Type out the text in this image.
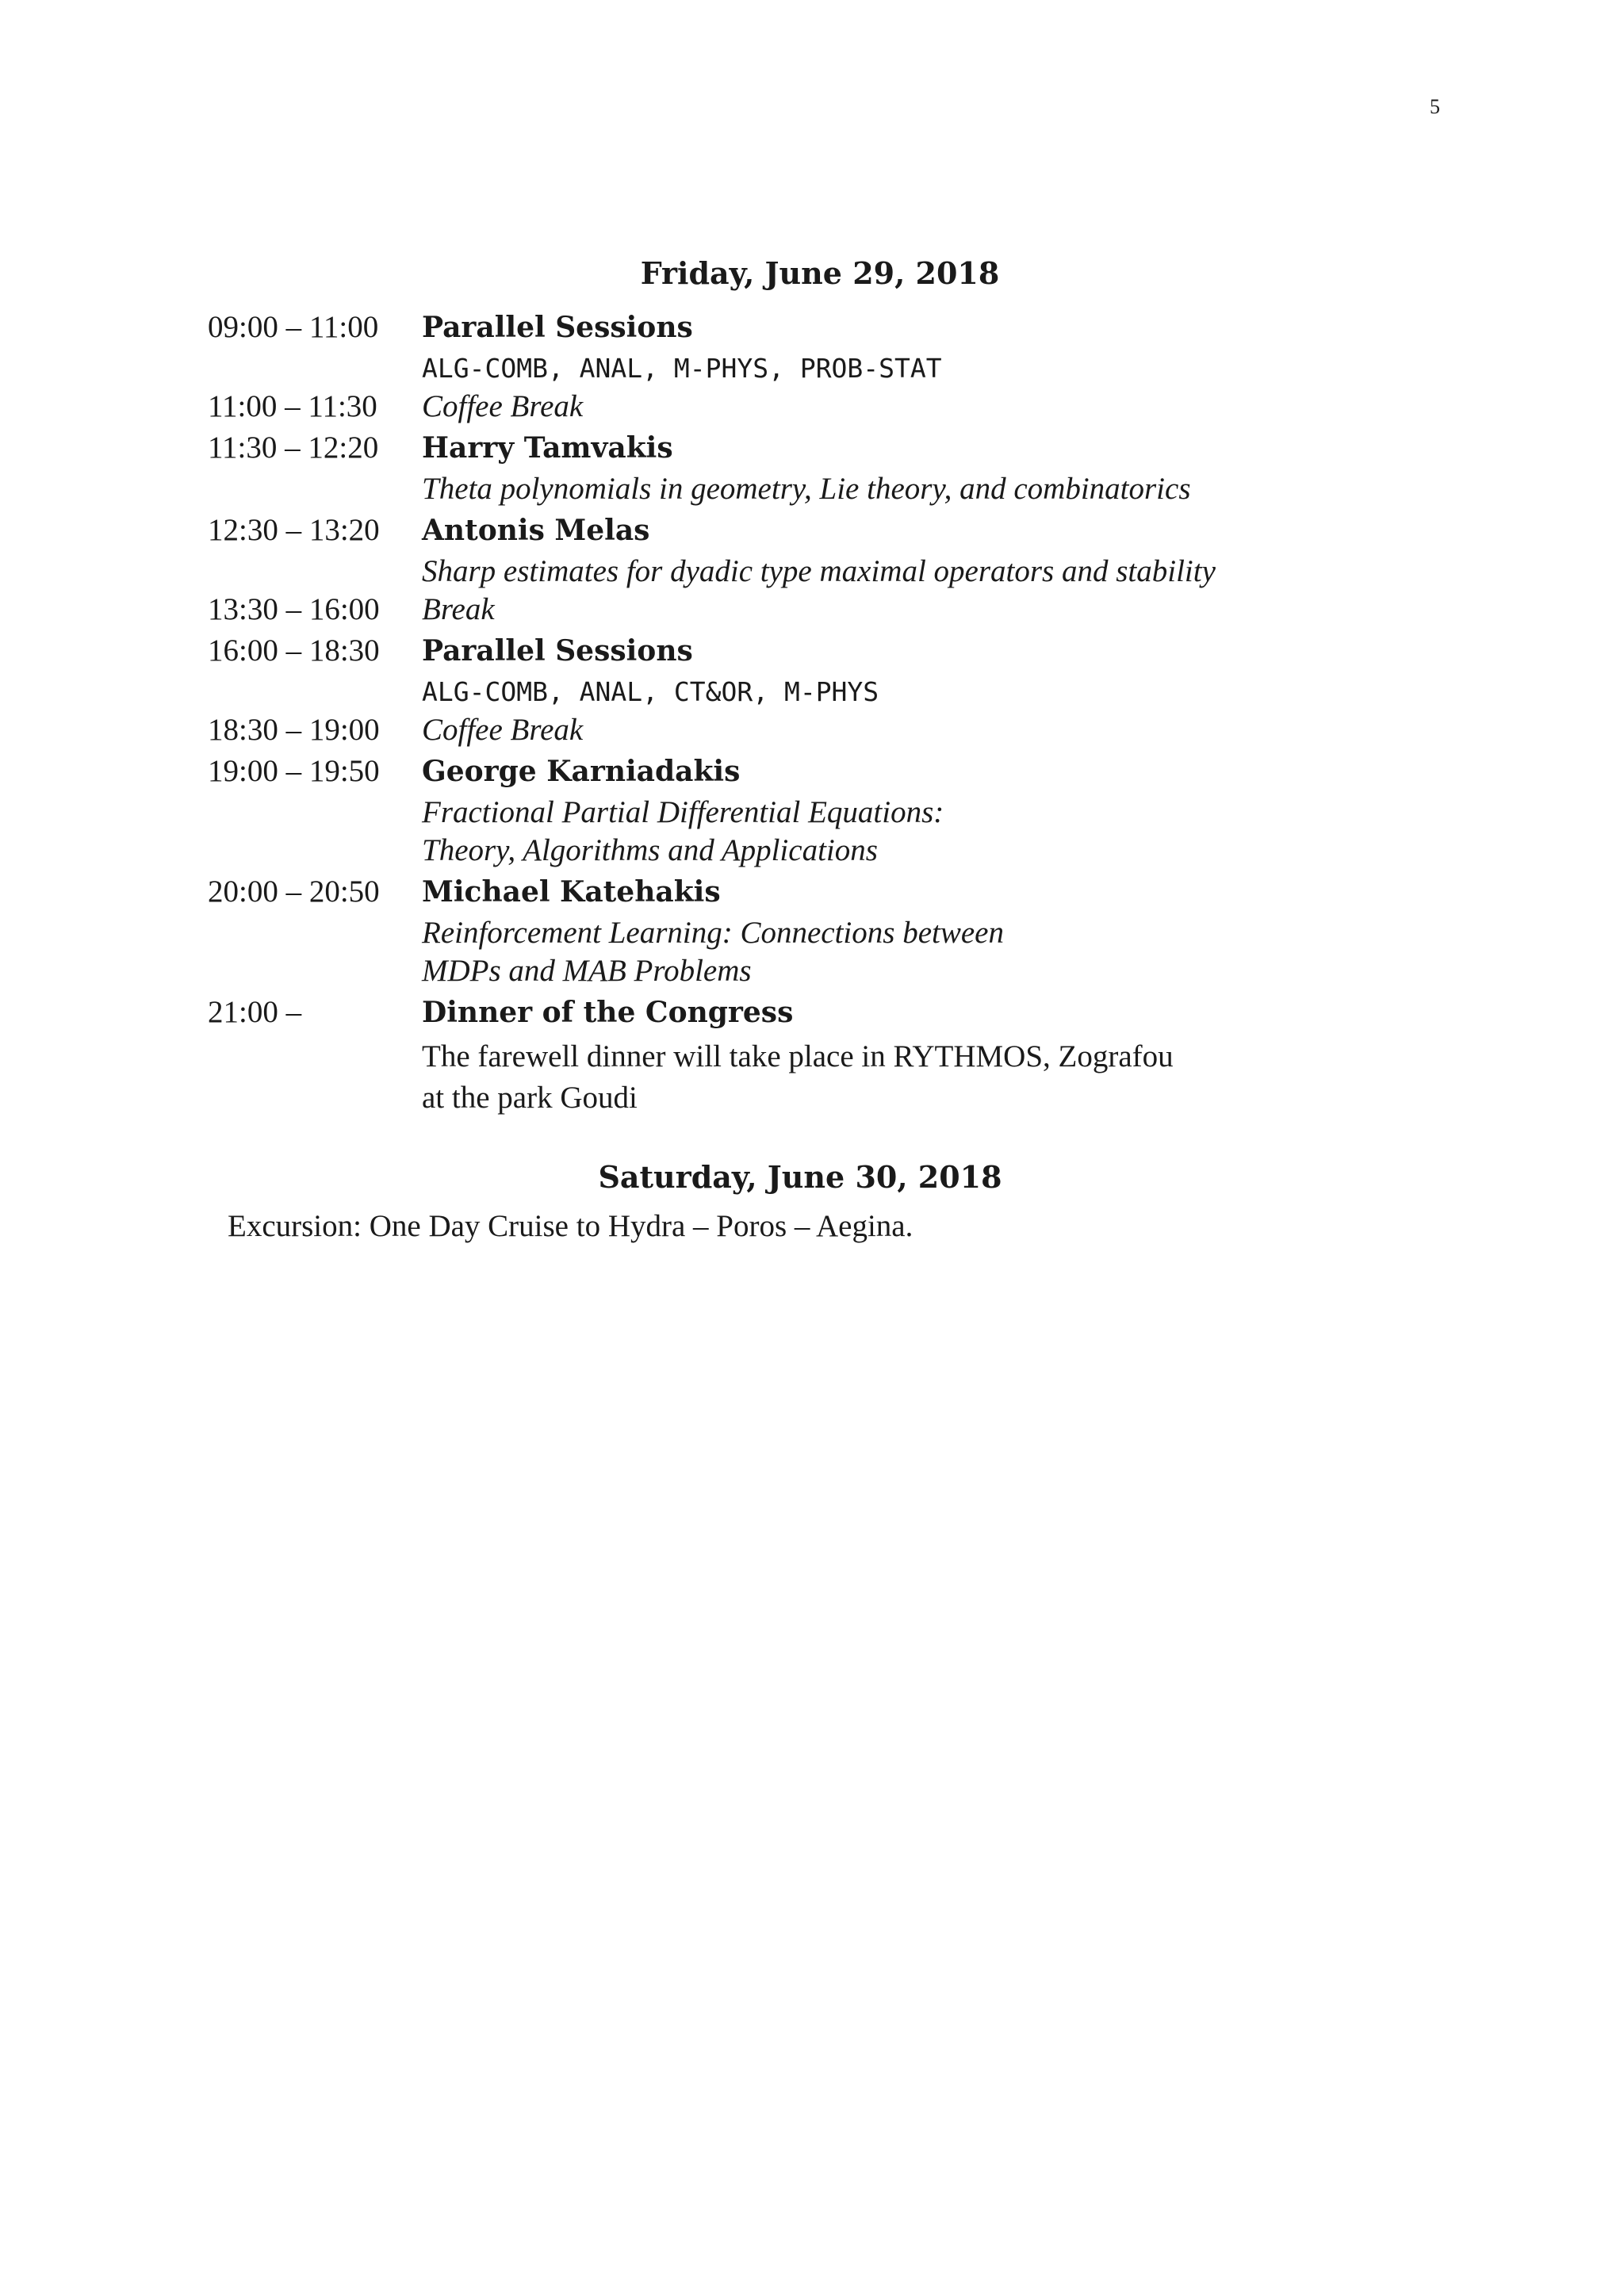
5
Friday, June 29, 2018
09:00 – 11:00	Parallel Sessions
ALG-COMB, ANAL, M-PHYS, PROB-STAT
11:00 – 11:30	Coffee Break
11:30 – 12:20	Harry Tamvakis
Theta polynomials in geometry, Lie theory, and combinatorics
12:30 – 13:20	Antonis Melas
Sharp estimates for dyadic type maximal operators and stability
13:30 – 16:00	Break
16:00 – 18:30	Parallel Sessions
ALG-COMB, ANAL, CT&OR, M-PHYS
18:30 – 19:00	Coffee Break
19:00 – 19:50	George Karniadakis
Fractional Partial Differential Equations:
Theory, Algorithms and Applications
20:00 – 20:50	Michael Katehakis
Reinforcement Learning: Connections between
MDPs and MAB Problems
21:00 –	Dinner of the Congress
The farewell dinner will take place in RYTHMOS, Zografou
at the park Goudi
Saturday, June 30, 2018
Excursion: One Day Cruise to Hydra – Poros – Aegina.
